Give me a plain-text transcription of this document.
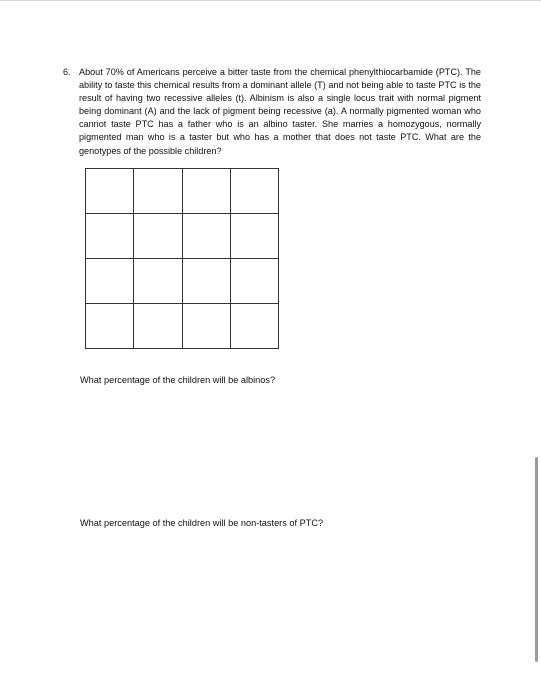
6. About 70% of Americans perceive a bitter taste from the chemical phenylthiocarbamide (PTC). The ability to taste this chemical results from a dominant allele (T) and not being able to taste PTC is the result of having two recessive alleles (t). Albinism is also a single locus trait with normal pigment being dominant (A) and the lack of pigment being recessive (a). A normally pigmented woman who cannot taste PTC has a father who is an albino taster. She marries a homozygous, normally pigmented man who is a taster but who has a mother that does not taste PTC. What are the genotypes of the possible children?

What percentage of the children will be albinos?
What percentage of the children will be non-tasters of PTC?
